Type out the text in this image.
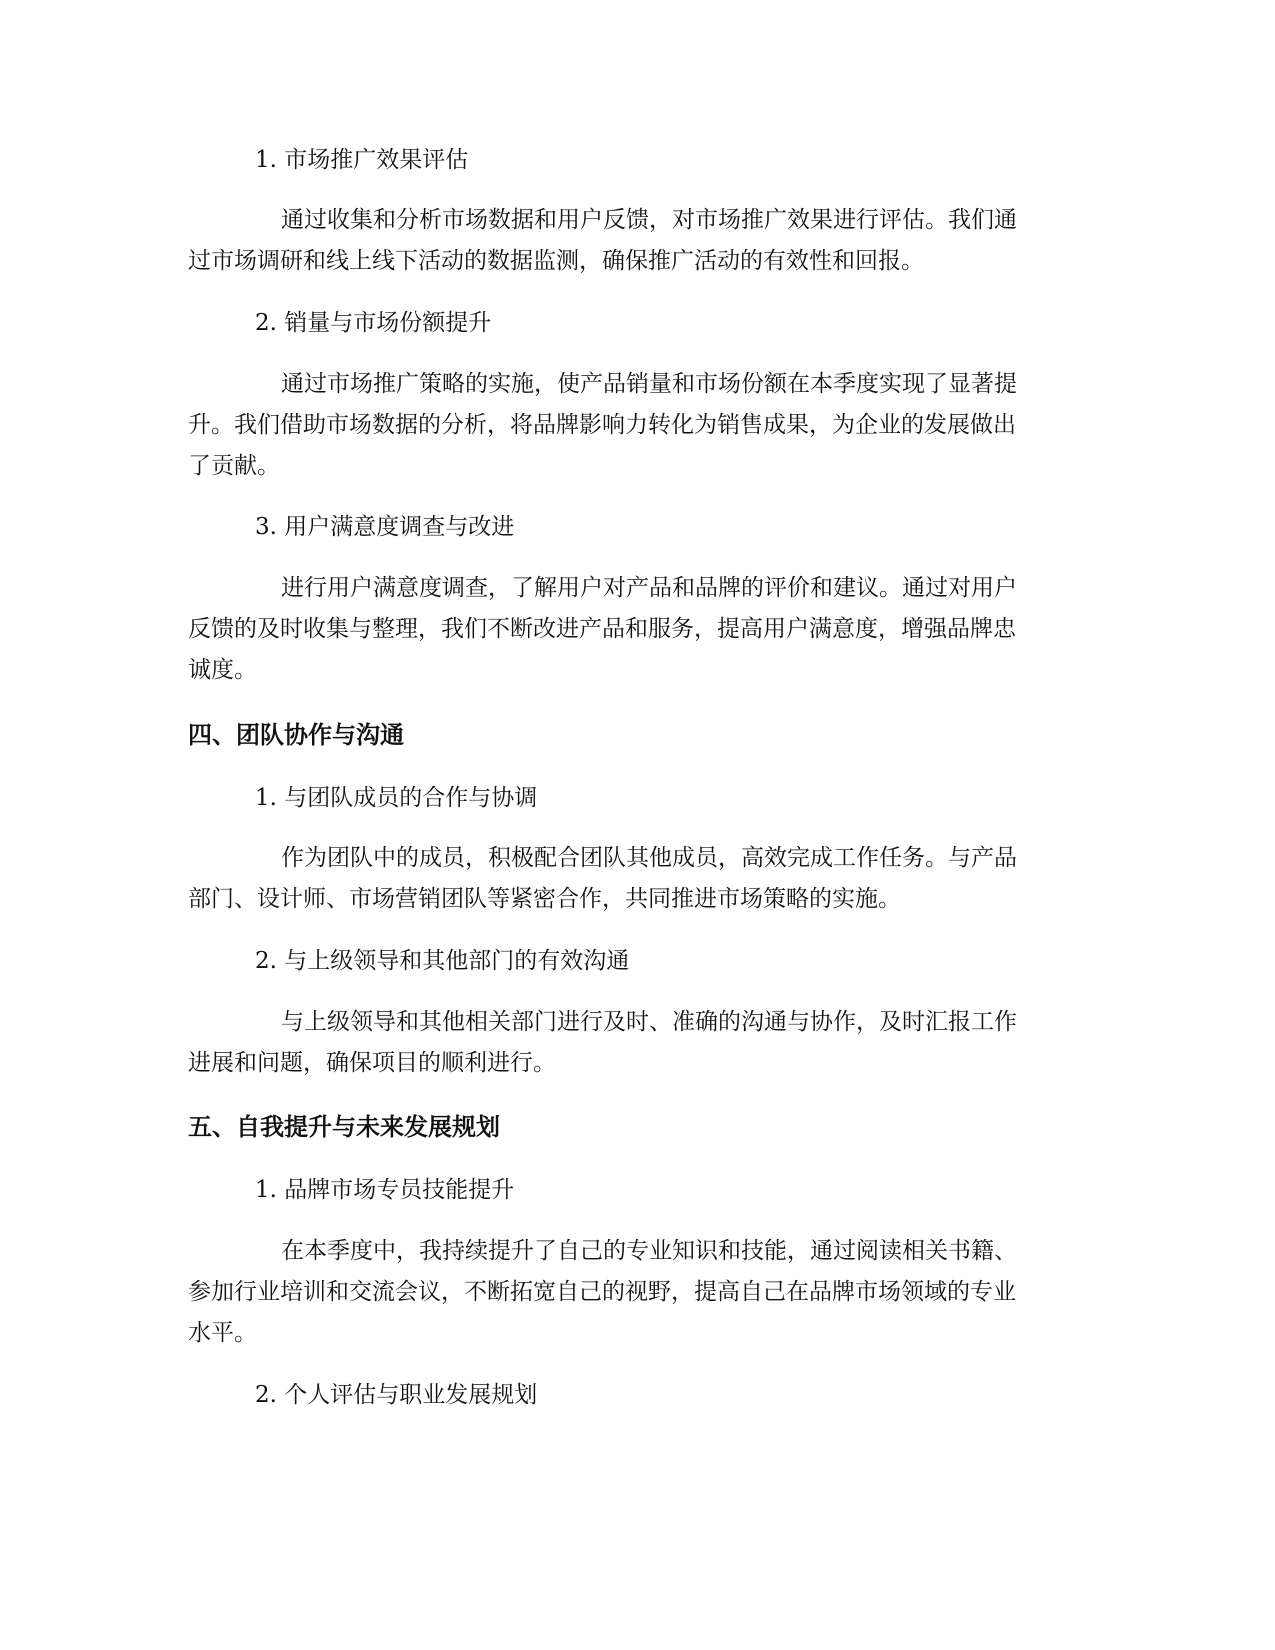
1. 市场推广效果评估

通过收集和分析市场数据和用户反馈，对市场推广效果进行评估。我们通
过市场调研和线上线下活动的数据监测，确保推广活动的有效性和回报。

2. 销量与市场份额提升

通过市场推广策略的实施，使产品销量和市场份额在本季度实现了显著提
升。我们借助市场数据的分析，将品牌影响力转化为销售成果，为企业的发展做出
了贡献。

3. 用户满意度调查与改进

进行用户满意度调查，了解用户对产品和品牌的评价和建议。通过对用户
反馈的及时收集与整理，我们不断改进产品和服务，提高用户满意度，增强品牌忠
诚度。
四、团队协作与沟通

1. 与团队成员的合作与协调

作为团队中的成员，积极配合团队其他成员，高效完成工作任务。与产品
部门、设计师、市场营销团队等紧密合作，共同推进市场策略的实施。

2. 与上级领导和其他部门的有效沟通

与上级领导和其他相关部门进行及时、准确的沟通与协作，及时汇报工作
进展和问题，确保项目的顺利进行。
五、自我提升与未来发展规划

1. 品牌市场专员技能提升

在本季度中，我持续提升了自己的专业知识和技能，通过阅读相关书籍、
参加行业培训和交流会议，不断拓宽自己的视野，提高自己在品牌市场领域的专业
水平。

2. 个人评估与职业发展规划
